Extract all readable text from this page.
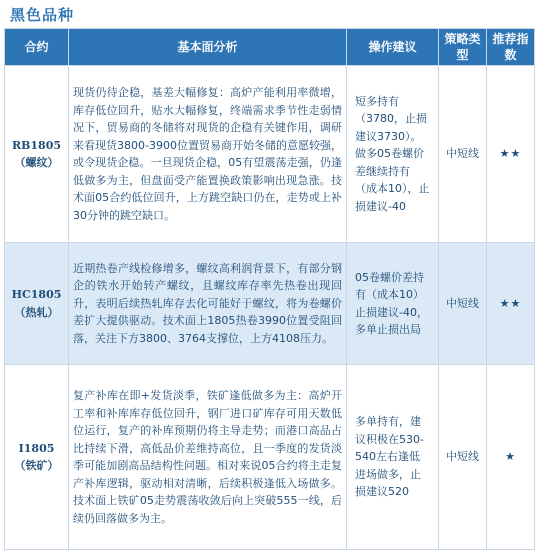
黑色品种
合约	基本面分析	操作建议	策略类型	推荐指数

RB1805
（螺纹）	现货仍待企稳，基差大幅修复：高炉产能利用率微增，库存低位回升，贴水大幅修复，终端需求季节性走弱情况下，贸易商的冬储将对现货的企稳有关键作用，调研来看现货3800-3900位置贸易商开始冬储的意愿较强，或令现货企稳。一旦现货企稳，05有望震荡走强，仍逢低做多为主，但盘面受产能置换政策影响出现急涨。技术面05合约低位回升，上方跳空缺口仍在，走势或上补30分钟的跳空缺口。	短多持有（3780，止损建议3730）。做多05卷螺价差继续持有（成本10），止损建议-40	中短线	★★

HC1805
（热轧）	近期热卷产线检修增多，螺纹高利润背景下，有部分钢企的铁水开始转产螺纹，且螺纹库存率先热卷出现回升，表明后续热轧库存去化可能好于螺纹，将为卷螺价差扩大提供驱动。技术面上1805热卷3990位置受阻回落，关注下方3800、3764支撑位，上方4108压力。	05卷螺价差持有（成本10）止损建议-40，多单止损出局	中短线	★★

I1805
（铁矿）	复产补库在即+发货淡季，铁矿逢低做多为主：高炉开工率和补库库存低位回升，钢厂进口矿库存可用天数低位运行，复产的补库预期仍将主导走势；而港口高品占比持续下滑，高低品价差维持高位，且一季度的发货淡季可能加剧高品结构性问题。相对来说05合约将主走复产补库逻辑，驱动相对清晰，后续积极逢低入场做多。技术面上铁矿05走势震荡收敛后向上突破555一线，后续仍回落做多为主。	多单持有，建议积极在530-540左右逢低进场做多，止损建议520	中短线	★
